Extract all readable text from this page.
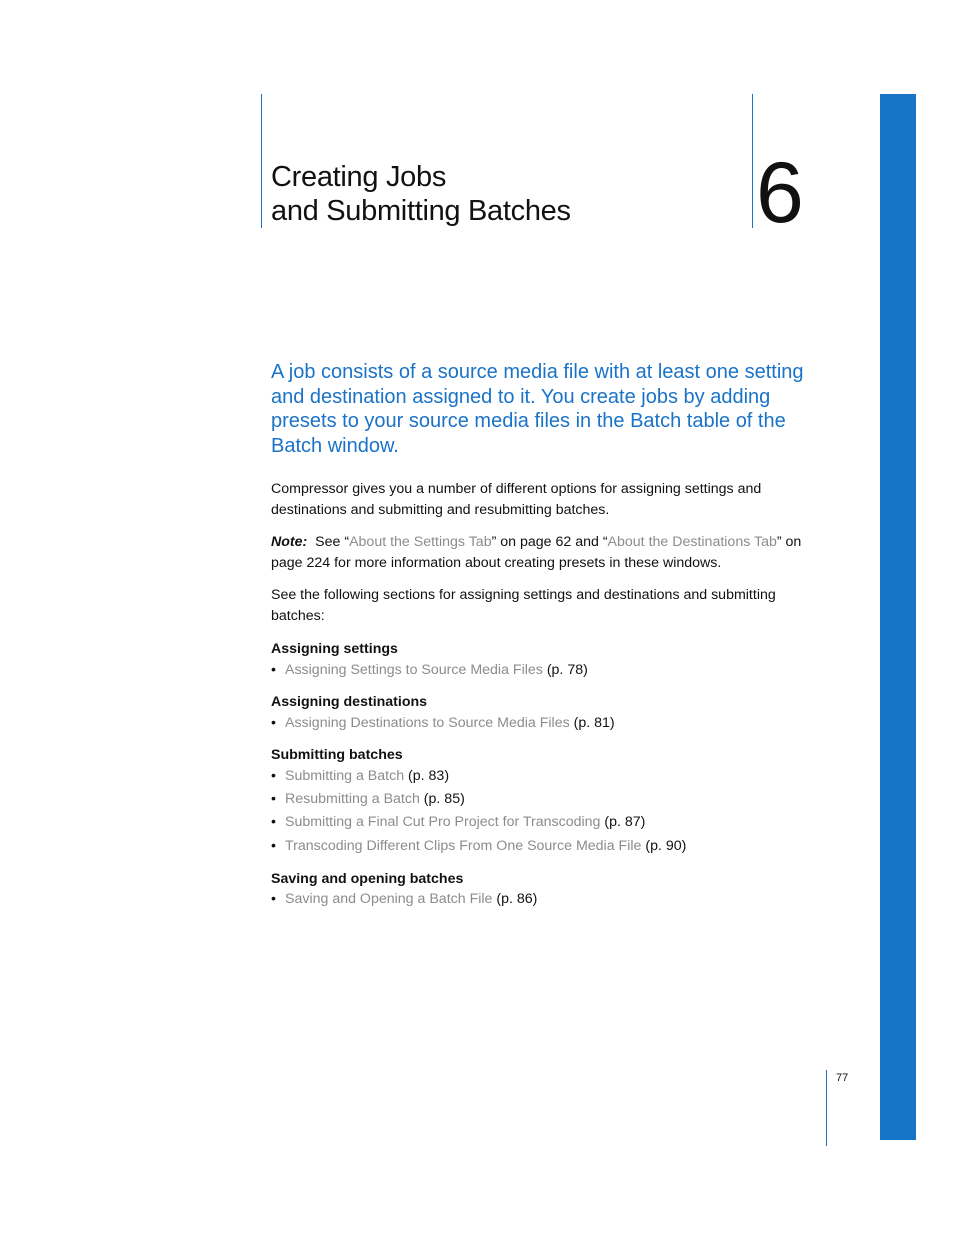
Creating Jobs
and Submitting Batches 6
A job consists of a source media file with at least one setting and destination assigned to it. You create jobs by adding presets to your source media files in the Batch table of the Batch window.
Compressor gives you a number of different options for assigning settings and destinations and submitting and resubmitting batches.
Note: See “About the Settings Tab” on page 62 and “About the Destinations Tab” on page 224 for more information about creating presets in these windows.
See the following sections for assigning settings and destinations and submitting batches:
Assigning settings
• Assigning Settings to Source Media Files (p. 78)
Assigning destinations
• Assigning Destinations to Source Media Files (p. 81)
Submitting batches
• Submitting a Batch (p. 83)
• Resubmitting a Batch (p. 85)
• Submitting a Final Cut Pro Project for Transcoding (p. 87)
• Transcoding Different Clips From One Source Media File (p. 90)
Saving and opening batches
• Saving and Opening a Batch File (p. 86)
77
